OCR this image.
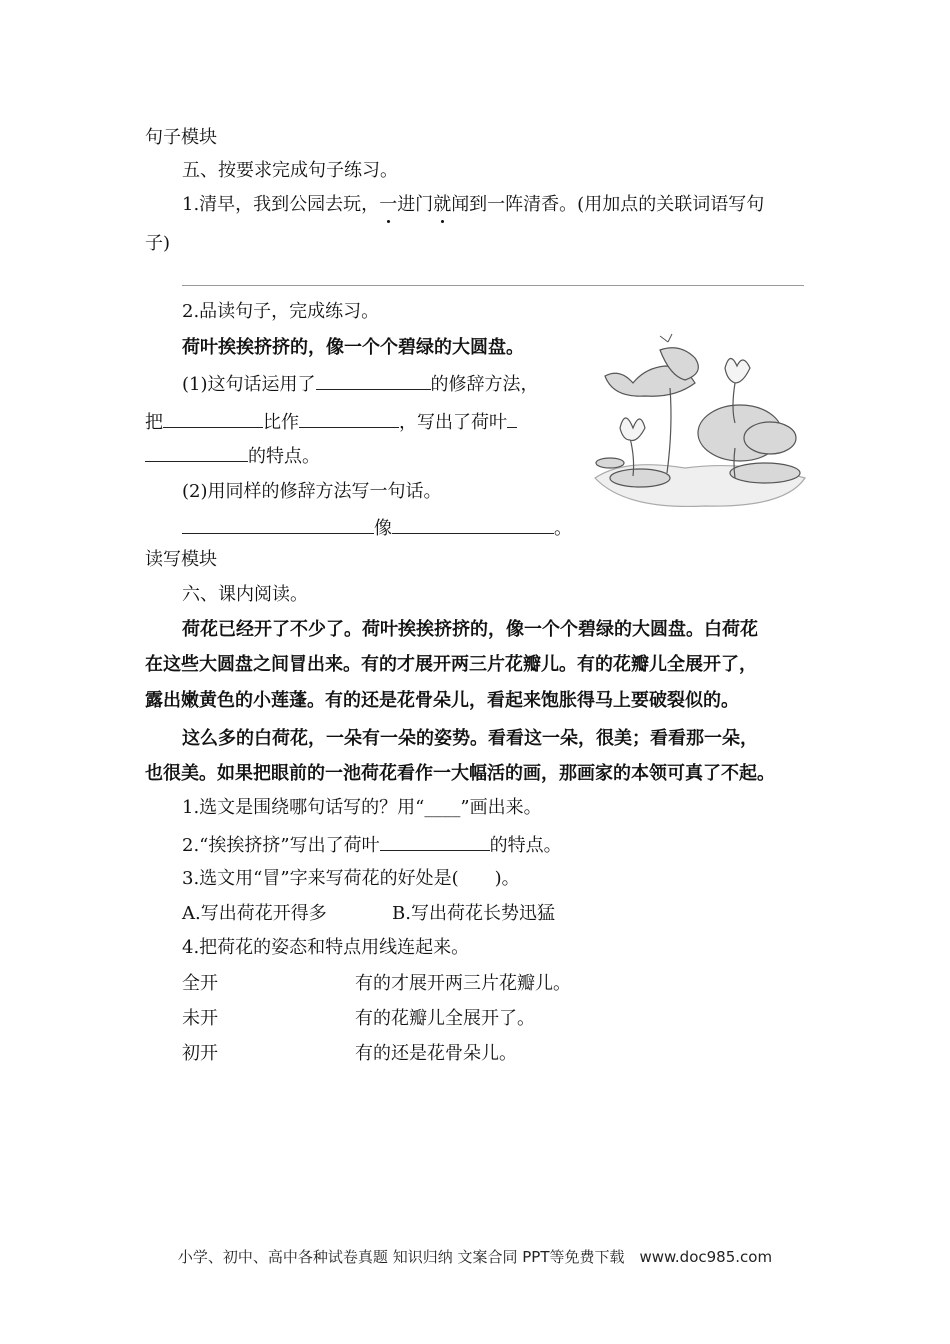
句子模块
五、按要求完成句子练习。
1.清早，我到公园去玩，一进门就闻到一阵清香。(用加点的关联词语写句
子)
2.品读句子，完成练习。
荷叶挨挨挤挤的，像一个个碧绿的大圆盘。
(1)这句话运用了	的修辞方法，
把	比作	，写出了荷叶
的特点。
(2)用同样的修辞方法写一句话。
像	。
读写模块
六、课内阅读。
荷花已经开了不少了。荷叶挨挨挤挤的，像一个个碧绿的大圆盘。白荷花
在这些大圆盘之间冒出来。有的才展开两三片花瓣儿。有的花瓣儿全展开了，
露出嫩黄色的小莲蓬。有的还是花骨朵儿，看起来饱胀得马上要破裂似的。
这么多的白荷花，一朵有一朵的姿势。看看这一朵，很美；看看那一朵，
也很美。如果把眼前的一池荷花看作一大幅活的画，那画家的本领可真了不起。
1.选文是围绕哪句话写的？用“____”画出来。
2.“挨挨挤挤”写出了荷叶	的特点。
3.选文用“冒”字来写荷花的好处是(　　)。
A.写出荷花开得多	B.写出荷花长势迅猛
4.把荷花的姿态和特点用线连起来。
全开	有的才展开两三片花瓣儿。
未开	有的花瓣儿全展开了。
初开	有的还是花骨朵儿。
小学、初中、高中各种试卷真题 知识归纳 文案合同 PPT等免费下载　www.doc985.com
